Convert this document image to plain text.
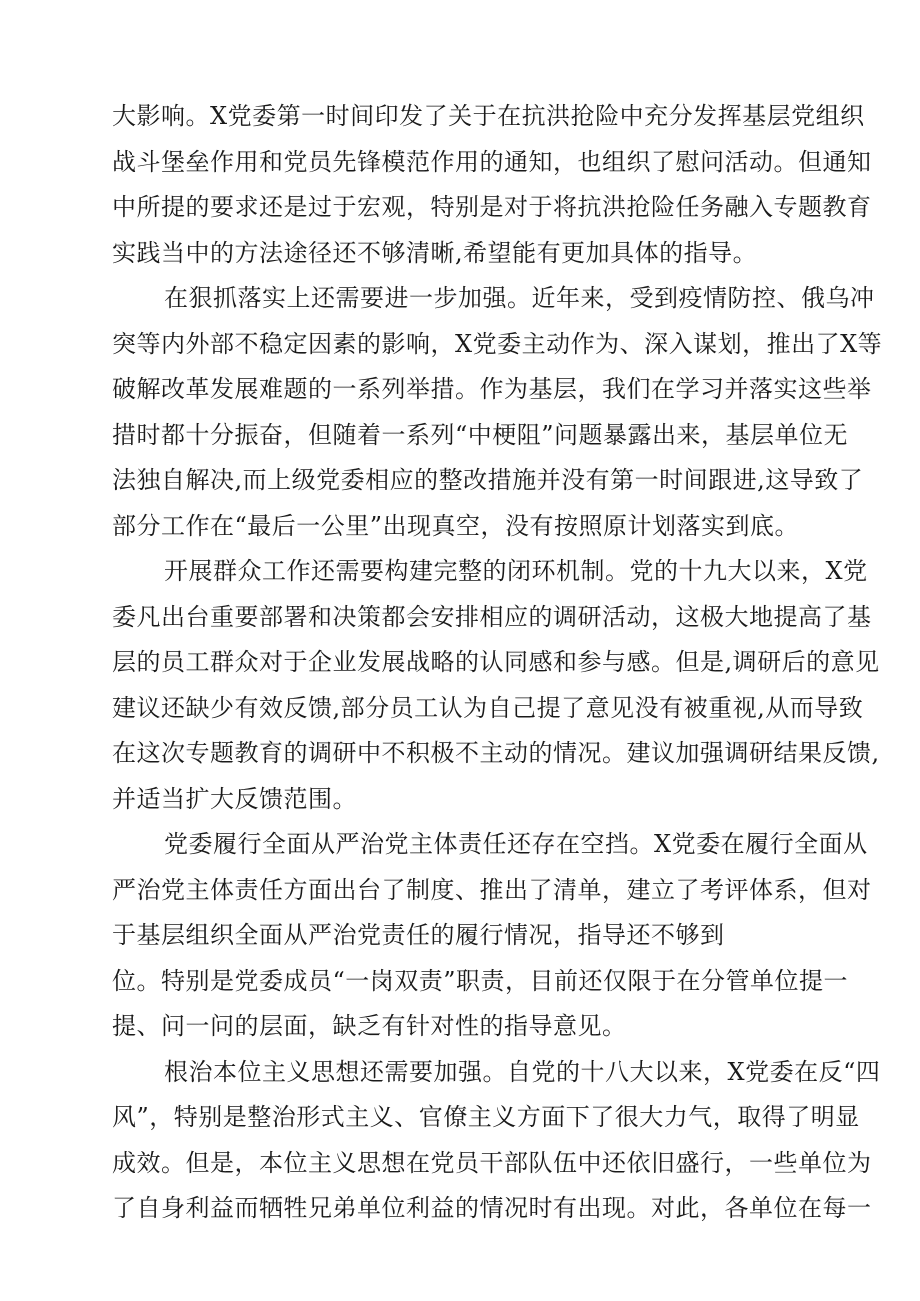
大影响。X党委第一时间印发了关于在抗洪抢险中充分发挥基层党组织
战斗堡垒作用和党员先锋模范作用的通知，也组织了慰问活动。但通知
中所提的要求还是过于宏观，特别是对于将抗洪抢险任务融入专题教育
实践当中的方法途径还不够清晰,希望能有更加具体的指导。
在狠抓落实上还需要进一步加强。近年来，受到疫情防控、俄乌冲
突等内外部不稳定因素的影响，X党委主动作为、深入谋划，推出了X等
破解改革发展难题的一系列举措。作为基层，我们在学习并落实这些举
措时都十分振奋，但随着一系列“中梗阻”问题暴露出来，基层单位无
法独自解决,而上级党委相应的整改措施并没有第一时间跟进,这导致了
部分工作在“最后一公里”出现真空，没有按照原计划落实到底。
开展群众工作还需要构建完整的闭环机制。党的十九大以来，X党
委凡出台重要部署和决策都会安排相应的调研活动，这极大地提高了基
层的员工群众对于企业发展战略的认同感和参与感。但是,调研后的意见
建议还缺少有效反馈,部分员工认为自己提了意见没有被重视,从而导致
在这次专题教育的调研中不积极不主动的情况。建议加强调研结果反馈,
并适当扩大反馈范围。
党委履行全面从严治党主体责任还存在空挡。X党委在履行全面从
严治党主体责任方面出台了制度、推出了清单，建立了考评体系，但对
于基层组织全面从严治党责任的履行情况，指导还不够到
位。特别是党委成员“一岗双责”职责，目前还仅限于在分管单位提一
提、问一问的层面，缺乏有针对性的指导意见。
根治本位主义思想还需要加强。自党的十八大以来，X党委在反“四
风”，特别是整治形式主义、官僚主义方面下了很大力气，取得了明显
成效。但是，本位主义思想在党员干部队伍中还依旧盛行，一些单位为
了自身利益而牺牲兄弟单位利益的情况时有出现。对此，各单位在每一
